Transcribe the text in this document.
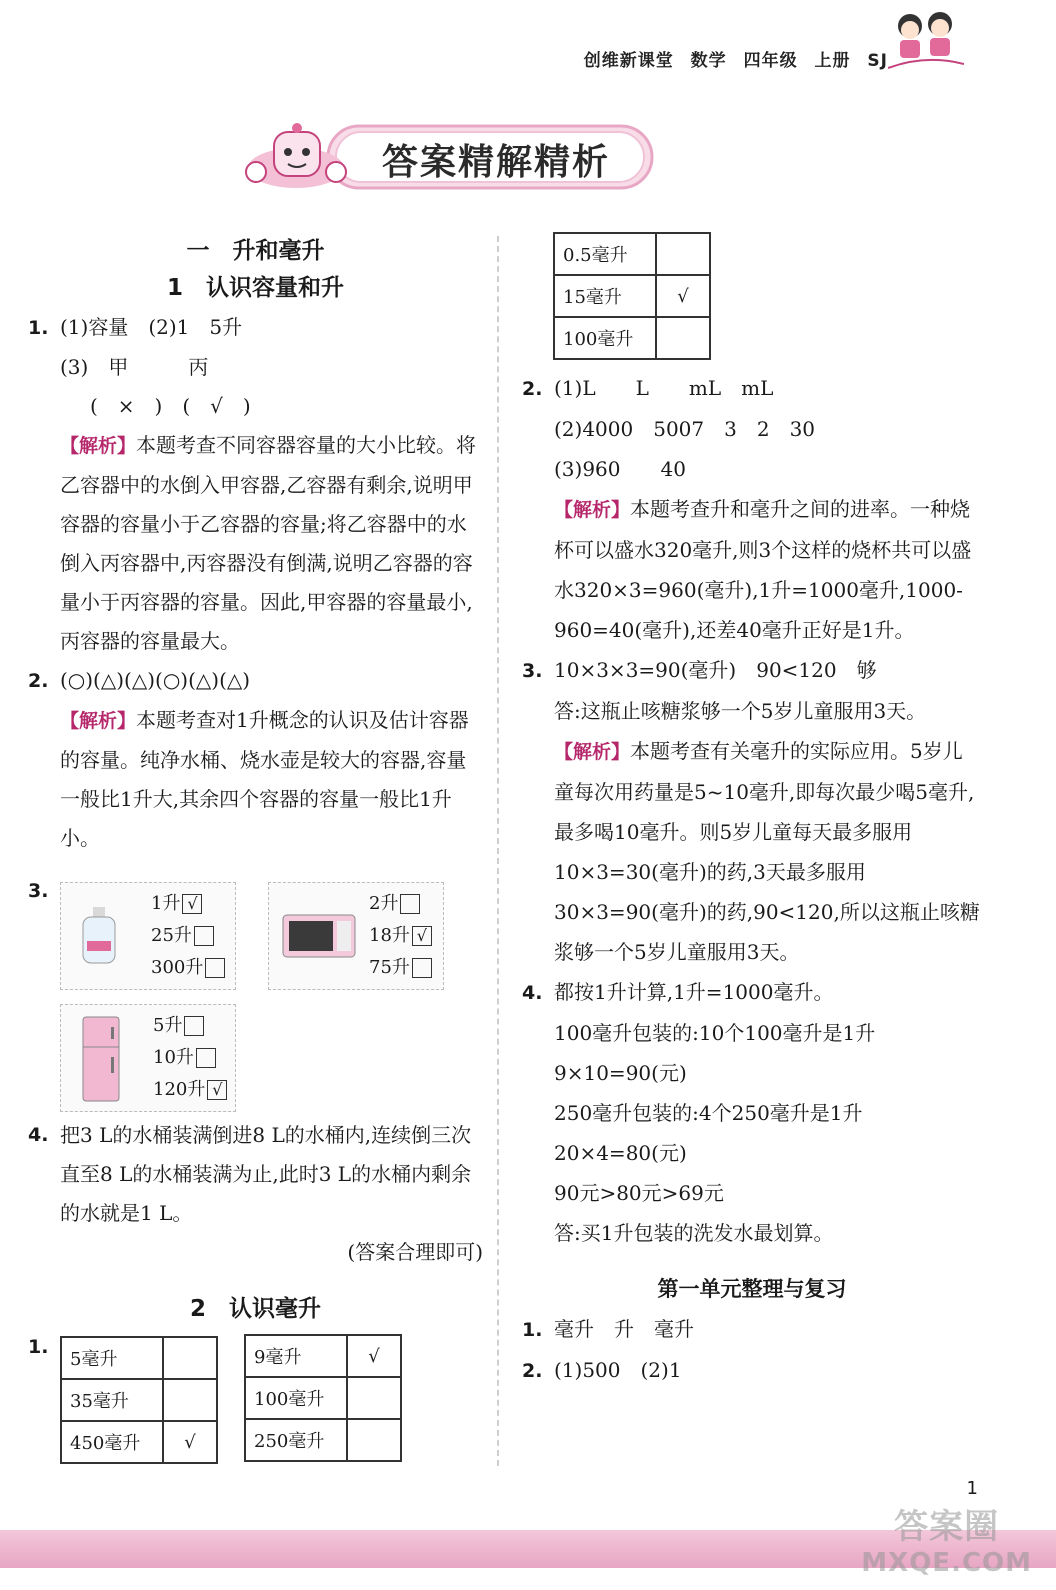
创维新课堂 数学 四年级 上册 SJ
答案精解精析
一　升和毫升
1　认识容量和升
1. (1)容量　(2)1　5升
(3)　甲　　　丙
(　×　)　(　√　)
【解析】本题考查不同容器容量的大小比较。将乙容器中的水倒入甲容器,乙容器有剩余,说明甲容器的容量小于乙容器的容量;将乙容器中的水倒入丙容器中,丙容器没有倒满,说明乙容器的容量小于丙容器的容量。因此,甲容器的容量最小,丙容器的容量最大。
2. (○)(△)(△)(○)(△)(△)
【解析】本题考查对1升概念的认识及估计容器的容量。纯净水桶、烧水壶是较大的容器,容量一般比1升大,其余四个容器的容量一般比1升小。
3.
1升 √
25升
300升
2升
18升 √
75升
5升
10升
120升 √
4. 把3 L的水桶装满倒进8 L的水桶内,连续倒三次直至8 L的水桶装满为止,此时3 L的水桶内剩余的水就是1 L。
(答案合理即可)
2　认识毫升
1.
5毫升	
35毫升	
450毫升	√
9毫升	√
100毫升	
250毫升	
0.5毫升	
15毫升	√
100毫升	
2. (1)L　　L　　mL　mL
(2)4000　5007　3　2　30
(3)960　　40
【解析】本题考查升和毫升之间的进率。一种烧杯可以盛水320毫升,则3个这样的烧杯共可以盛水320×3=960(毫升),1升=1000毫升,1000-960=40(毫升),还差40毫升正好是1升。
3. 10×3×3=90(毫升)　90<120　够
答:这瓶止咳糖浆够一个5岁儿童服用3天。
【解析】本题考查有关毫升的实际应用。5岁儿童每次用药量是5~10毫升,即每次最少喝5毫升,最多喝10毫升。则5岁儿童每天最多服用10×3=30(毫升)的药,3天最多服用30×3=90(毫升)的药,90<120,所以这瓶止咳糖浆够一个5岁儿童服用3天。
4. 都按1升计算,1升=1000毫升。
100毫升包装的:10个100毫升是1升
9×10=90(元)
250毫升包装的:4个250毫升是1升
20×4=80(元)
90元>80元>69元
答:买1升包装的洗发水最划算。
第一单元整理与复习
1. 毫升　升　毫升
2. (1)500　(2)1
1
答案圈
MXQE.COM
